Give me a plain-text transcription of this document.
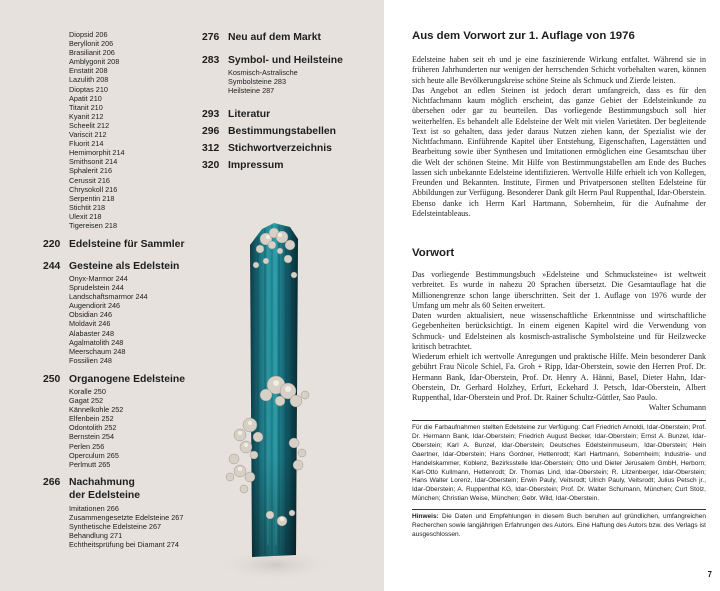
Diopsid 206

Beryllonit 206

Brasilianit 206

Amblygonit 208

Enstatit 208

Lazulith 208

Dioptas 210

Apatit 210

Titanit 210

Kyanit 212

Scheelit 212

Variscit 212

Fluorit 214

Hemimorphit 214

Smithsonit 214

Sphalerit 216

Cerussit 216

Chrysokoll 216

Serpentin 218

Stichtit 218

Ulexit 218

Tigereisen 218

220 Edelsteine für Sammler
244 Gesteine als Edelstein

Onyx-Marmor 244

Sprudelstein 244

Landschaftsmarmor 244

Augendiorit 246

Obsidian 246

Moldavit 246

Alabaster 248

Agalmatolith 248

Meerschaum 248

Fossilien 248

250 Organogene Edelsteine

Koralle 250

Gagat 252

Kännelkohle 252

Elfenbein 252

Odontolith 252

Bernstein 254

Perlen 256

Operculum 265

Perlmutt 265

266 Nachahmung
der Edelsteine

Imitationen 266

Zusammengesetzte Edelsteine 267

Synthetische Edelsteine 267

Behandlung 271

Echtheitsprüfung bei Diamant 274

276 Neu auf dem Markt
283 Symbol- und Heilsteine

Kosmisch-Astralische

Symbolsteine 283

Heilsteine 287

293 Literatur
296 Bestimmungstabellen
312 Stichwortverzeichnis
320 Impressum
Aus dem Vorwort zur 1. Auflage von 1976

Edelsteine haben seit eh und je eine faszinierende Wirkung entfaltet. Während sie in früheren Jahrhunderten nur wenigen der herrschenden Schicht vorbehalten waren, können sich heute alle Bevölkerungskreise schöne Steine als Schmuck und Zierde leisten.

Das Angebot an edlen Steinen ist jedoch derart umfangreich, dass es für den Nichtfachmann kaum möglich erscheint, das ganze Gebiet der Edelsteinkunde zu übersehen oder gar zu beurteilen. Das vorliegende Bestimmungsbuch soll hier weiterhelfen. Es behandelt alle Edelsteine der Welt mit vielen Varietäten. Der begleitende Text ist so gehalten, dass jeder daraus Nutzen ziehen kann, der Spezialist wie der Nichtfachmann. Einführende Kapitel über Entstehung, Eigenschaften, Lagerstätten und Bearbeitung sowie über Synthesen und Imitationen ermöglichen eine Gesamtschau über die Welt der schönen Steine. Mit Hilfe von Bestimmungstabellen am Ende des Buches lassen sich unbekannte Edelsteine identifizieren. Wertvolle Hilfe erhielt ich von Kollegen, Freunden und Bekannten. Institute, Firmen und Privatpersonen stellten Edelsteine für Abbildungen zur Verfügung. Besonderer Dank gilt Herrn Paul Ruppenthal, Idar-Oberstein. Ebenso danke ich Herrn Karl Hartmann, Sobernheim, für die Aufnahme der Edelsteintableaus.

Vorwort

Das vorliegende Bestimmungsbuch »Edelsteine und Schmucksteine« ist weltweit verbreitet. Es wurde in nahezu 20 Sprachen übersetzt. Die Gesamtauflage hat die Millionengrenze schon lange überschritten. Seit der 1. Auflage von 1976 wurde der Umfang um mehr als 60 Seiten erweitert.

Daten wurden aktualisiert, neue wissenschaftliche Erkenntnisse und wirtschaftliche Gegebenheiten berücksichtigt. In einem eigenen Kapitel wird die Verwendung von Schmuck- und Edelsteinen als kosmisch-astralische Symbolsteine und für Heilzwecke kritisch betrachtet.

Wiederum erhielt ich wertvolle Anregungen und praktische Hilfe. Mein besonderer Dank gebührt Frau Nicole Schiel, Fa. Groh + Ripp, Idar-Oberstein, sowie den Herren Prof. Dr. Hermann Bank, Idar-Oberstein, Prof. Dr. Henry A. Hänni, Basel, Dieter Hahn, Idar-Oberstein, Dr. Gerhard Holzhey, Erfurt, Eckehard J. Petsch, Idar-Oberstein, Albert Ruppenthal, Idar-Oberstein und Prof. Dr. Rainer Schultz-Güttler, Sao Paulo.

Walter Schumann

Für die Farbaufnahmen stellten Edelsteine zur Verfügung: Carl Friedrich Arnoldi, Idar-Oberstein; Prof. Dr. Hermann Bank, Idar-Oberstein; Friedrich August Becker, Idar-Oberstein; Ernst A. Bunzel, Idar-Oberstein; Karl A. Bunzel, Idar-Oberstein; Deutsches Edelsteinmuseum, Idar-Oberstein; Hein Gaertner, Idar-Oberstein; Hans Gordner, Hettenrodt; Karl Hartmann, Sobernheim; Industrie- und Handelskammer, Koblenz, Bezirksstelle Idar-Oberstein; Otto und Dieter Jerusalem GmbH, Herborn; Karl-Otto Kullmann, Hettenrodt; Dr. Thomas Lind, Idar-Oberstein; R. Litzenberger, Idar-Oberstein; Hans Walter Lorenz, Idar-Oberstein; Erwin Pauly, Veitsrodt; Ulrich Pauly, Veitsrodt; Julius Petsch jr., Idar-Oberstein; A. Ruppenthal KG, Idar-Oberstein; Prof. Dr. Walter Schumann, München; Curt Stolz, München; Christian Weise, München; Gebr. Wild, Idar-Oberstein.
Hinweis: Die Daten und Empfehlungen in diesem Buch beruhen auf gründlichen, umfangreichen Recherchen sowie langjährigen Erfahrungen des Autors. Eine Haftung des Autors bzw. des Verlags ist ausgeschlossen.
7
